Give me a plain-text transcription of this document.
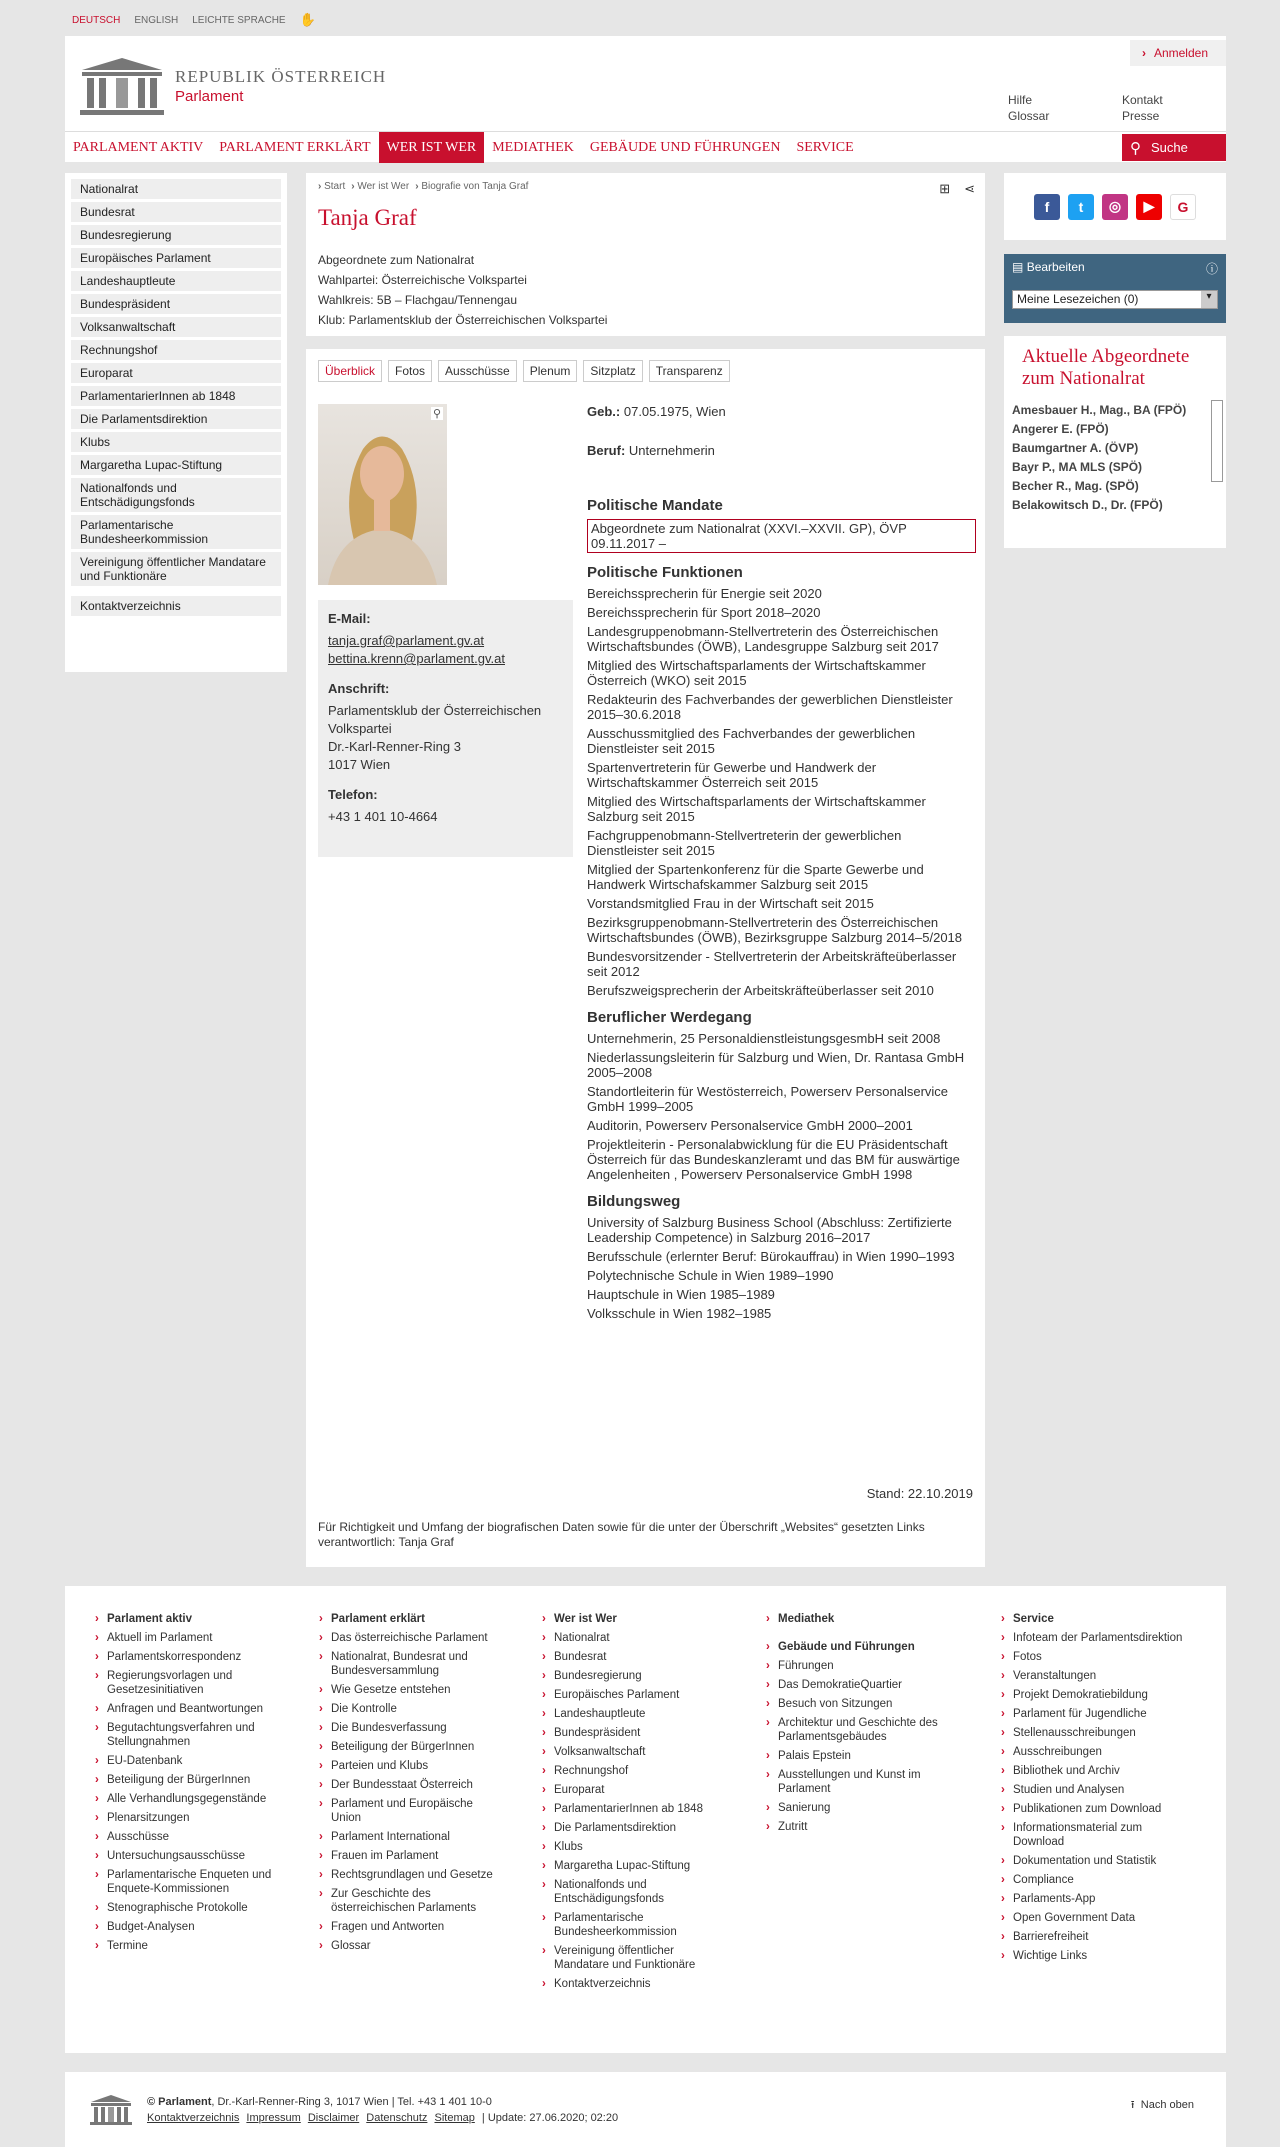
DEUTSCH ENGLISH LEICHTE SPRACHE ✋
REPUBLIK ÖSTERREICH
Parlament
› Anmelden
Hilfe
Glossar
Kontakt
Presse
PARLAMENT AKTIV	PARLAMENT ERKLÄRT	WER IST WER	MEDIATHEK	GEBÄUDE UND FÜHRUNGEN	SERVICE	⚲ Suche
Nationalrat
Bundesrat
Bundesregierung
Europäisches Parlament
Landeshauptleute
Bundespräsident
Volksanwaltschaft
Rechnungshof
Europarat
ParlamentarierInnen ab 1848
Die Parlamentsdirektion
Klubs
Margaretha Lupac-Stiftung
Nationalfonds und Entschädigungsfonds
Parlamentarische Bundesheerkommission
Vereinigung öffentlicher Mandatare und Funktionäre
Kontaktverzeichnis
› Start	› Wer ist Wer	› Biografie von Tanja Graf	⊞ ⋖
Tanja Graf
Abgeordnete zum Nationalrat
Wahlpartei: Österreichische Volkspartei
Wahlkreis: 5B – Flachgau/Tennengau
Klub: Parlamentsklub der Österreichischen Volkspartei
Überblick	Fotos	Ausschüsse	Plenum	Sitzplatz	Transparenz
⚲
E-Mail:
tanja.graf@parlament.gv.at
bettina.krenn@parlament.gv.at
Anschrift:
Parlamentsklub der Österreichischen Volkspartei
Dr.-Karl-Renner-Ring 3
1017 Wien
Telefon:
+43 1 401 10-4664
Geb.: 07.05.1975, Wien
Beruf: Unternehmerin
Politische Mandate
Abgeordnete zum Nationalrat (XXVI.–XXVII. GP), ÖVP
09.11.2017 –
Politische Funktionen
Bereichssprecherin für Energie seit 2020
Bereichssprecherin für Sport 2018–2020
Landesgruppenobmann-Stellvertreterin des Österreichischen Wirtschaftsbundes (ÖWB), Landesgruppe Salzburg seit 2017
Mitglied des Wirtschaftsparlaments der Wirtschaftskammer Österreich (WKO) seit 2015
Redakteurin des Fachverbandes der gewerblichen Dienstleister 2015–30.6.2018
Ausschussmitglied des Fachverbandes der gewerblichen Dienstleister seit 2015
Spartenvertreterin für Gewerbe und Handwerk der Wirtschaftskammer Österreich seit 2015
Mitglied des Wirtschaftsparlaments der Wirtschaftskammer Salzburg seit 2015
Fachgruppenobmann-Stellvertreterin der gewerblichen Dienstleister seit 2015
Mitglied der Spartenkonferenz für die Sparte Gewerbe und Handwerk Wirtschafskammer Salzburg seit 2015
Vorstandsmitglied Frau in der Wirtschaft seit 2015
Bezirksgruppenobmann-Stellvertreterin des Österreichischen Wirtschaftsbundes (ÖWB), Bezirksgruppe Salzburg 2014–5/2018
Bundesvorsitzender - Stellvertreterin der Arbeitskräfteüberlasser seit 2012
Berufszweigsprecherin der Arbeitskräfteüberlasser seit 2010
Beruflicher Werdegang
Unternehmerin, 25 PersonaldienstleistungsgesmbH seit 2008
Niederlassungsleiterin für Salzburg und Wien, Dr. Rantasa GmbH 2005–2008
Standortleiterin für Westösterreich, Powerserv Personalservice GmbH 1999–2005
Auditorin, Powerserv Personalservice GmbH 2000–2001
Projektleiterin - Personalabwicklung für die EU Präsidentschaft Österreich für das Bundeskanzleramt und das BM für auswärtige Angelenheiten , Powerserv Personalservice GmbH 1998
Bildungsweg
University of Salzburg Business School (Abschluss: Zertifizierte Leadership Competence) in Salzburg 2016–2017
Berufsschule (erlernter Beruf: Bürokauffrau) in Wien 1990–1993
Polytechnische Schule in Wien 1989–1990
Hauptschule in Wien 1985–1989
Volksschule in Wien 1982–1985
Stand: 22.10.2019
Für Richtigkeit und Umfang der biografischen Daten sowie für die unter der Überschrift „Websites“ gesetzten Links verantwortlich: Tanja Graf
f	t	◎	▶	G
▤ Bearbeiten	ⓘ
Meine Lesezeichen (0) ▾
Aktuelle Abgeordnete zum Nationalrat
Amesbauer H., Mag., BA (FPÖ)
Angerer E. (FPÖ)
Baumgartner A. (ÖVP)
Bayr P., MA MLS (SPÖ)
Becher R., Mag. (SPÖ)
Belakowitsch D., Dr. (FPÖ)
› Parlament aktiv
› Aktuell im Parlament
› Parlamentskorrespondenz
› Regierungsvorlagen und Gesetzesinitiativen
› Anfragen und Beantwortungen
› Begutachtungsverfahren und Stellungnahmen
› EU-Datenbank
› Beteiligung der BürgerInnen
› Alle Verhandlungsgegenstände
› Plenarsitzungen
› Ausschüsse
› Untersuchungsausschüsse
› Parlamentarische Enqueten und Enquete-Kommissionen
› Stenographische Protokolle
› Budget-Analysen
› Termine
› Parlament erklärt
› Das österreichische Parlament
› Nationalrat, Bundesrat und Bundesversammlung
› Wie Gesetze entstehen
› Die Kontrolle
› Die Bundesverfassung
› Beteiligung der BürgerInnen
› Parteien und Klubs
› Der Bundesstaat Österreich
› Parlament und Europäische Union
› Parlament International
› Frauen im Parlament
› Rechtsgrundlagen und Gesetze
› Zur Geschichte des österreichischen Parlaments
› Fragen und Antworten
› Glossar
› Wer ist Wer
› Nationalrat
› Bundesrat
› Bundesregierung
› Europäisches Parlament
› Landeshauptleute
› Bundespräsident
› Volksanwaltschaft
› Rechnungshof
› Europarat
› ParlamentarierInnen ab 1848
› Die Parlamentsdirektion
› Klubs
› Margaretha Lupac-Stiftung
› Nationalfonds und Entschädigungsfonds
› Parlamentarische Bundesheerkommission
› Vereinigung öffentlicher Mandatare und Funktionäre
› Kontaktverzeichnis
› Mediathek
› Gebäude und Führungen
› Führungen
› Das DemokratieQuartier
› Besuch von Sitzungen
› Architektur und Geschichte des Parlamentsgebäudes
› Palais Epstein
› Ausstellungen und Kunst im Parlament
› Sanierung
› Zutritt
› Service
› Infoteam der Parlamentsdirektion
› Fotos
› Veranstaltungen
› Projekt Demokratiebildung
› Parlament für Jugendliche
› Stellenausschreibungen
› Ausschreibungen
› Bibliothek und Archiv
› Studien und Analysen
› Publikationen zum Download
› Informationsmaterial zum Download
› Dokumentation und Statistik
› Compliance
› Parlaments-App
› Open Government Data
› Barrierefreiheit
› Wichtige Links
© Parlament, Dr.-Karl-Renner-Ring 3, 1017 Wien | Tel. +43 1 401 10-0
Kontaktverzeichnis Impressum Disclaimer Datenschutz Sitemap | Update: 27.06.2020; 02:20
⭱ Nach oben
